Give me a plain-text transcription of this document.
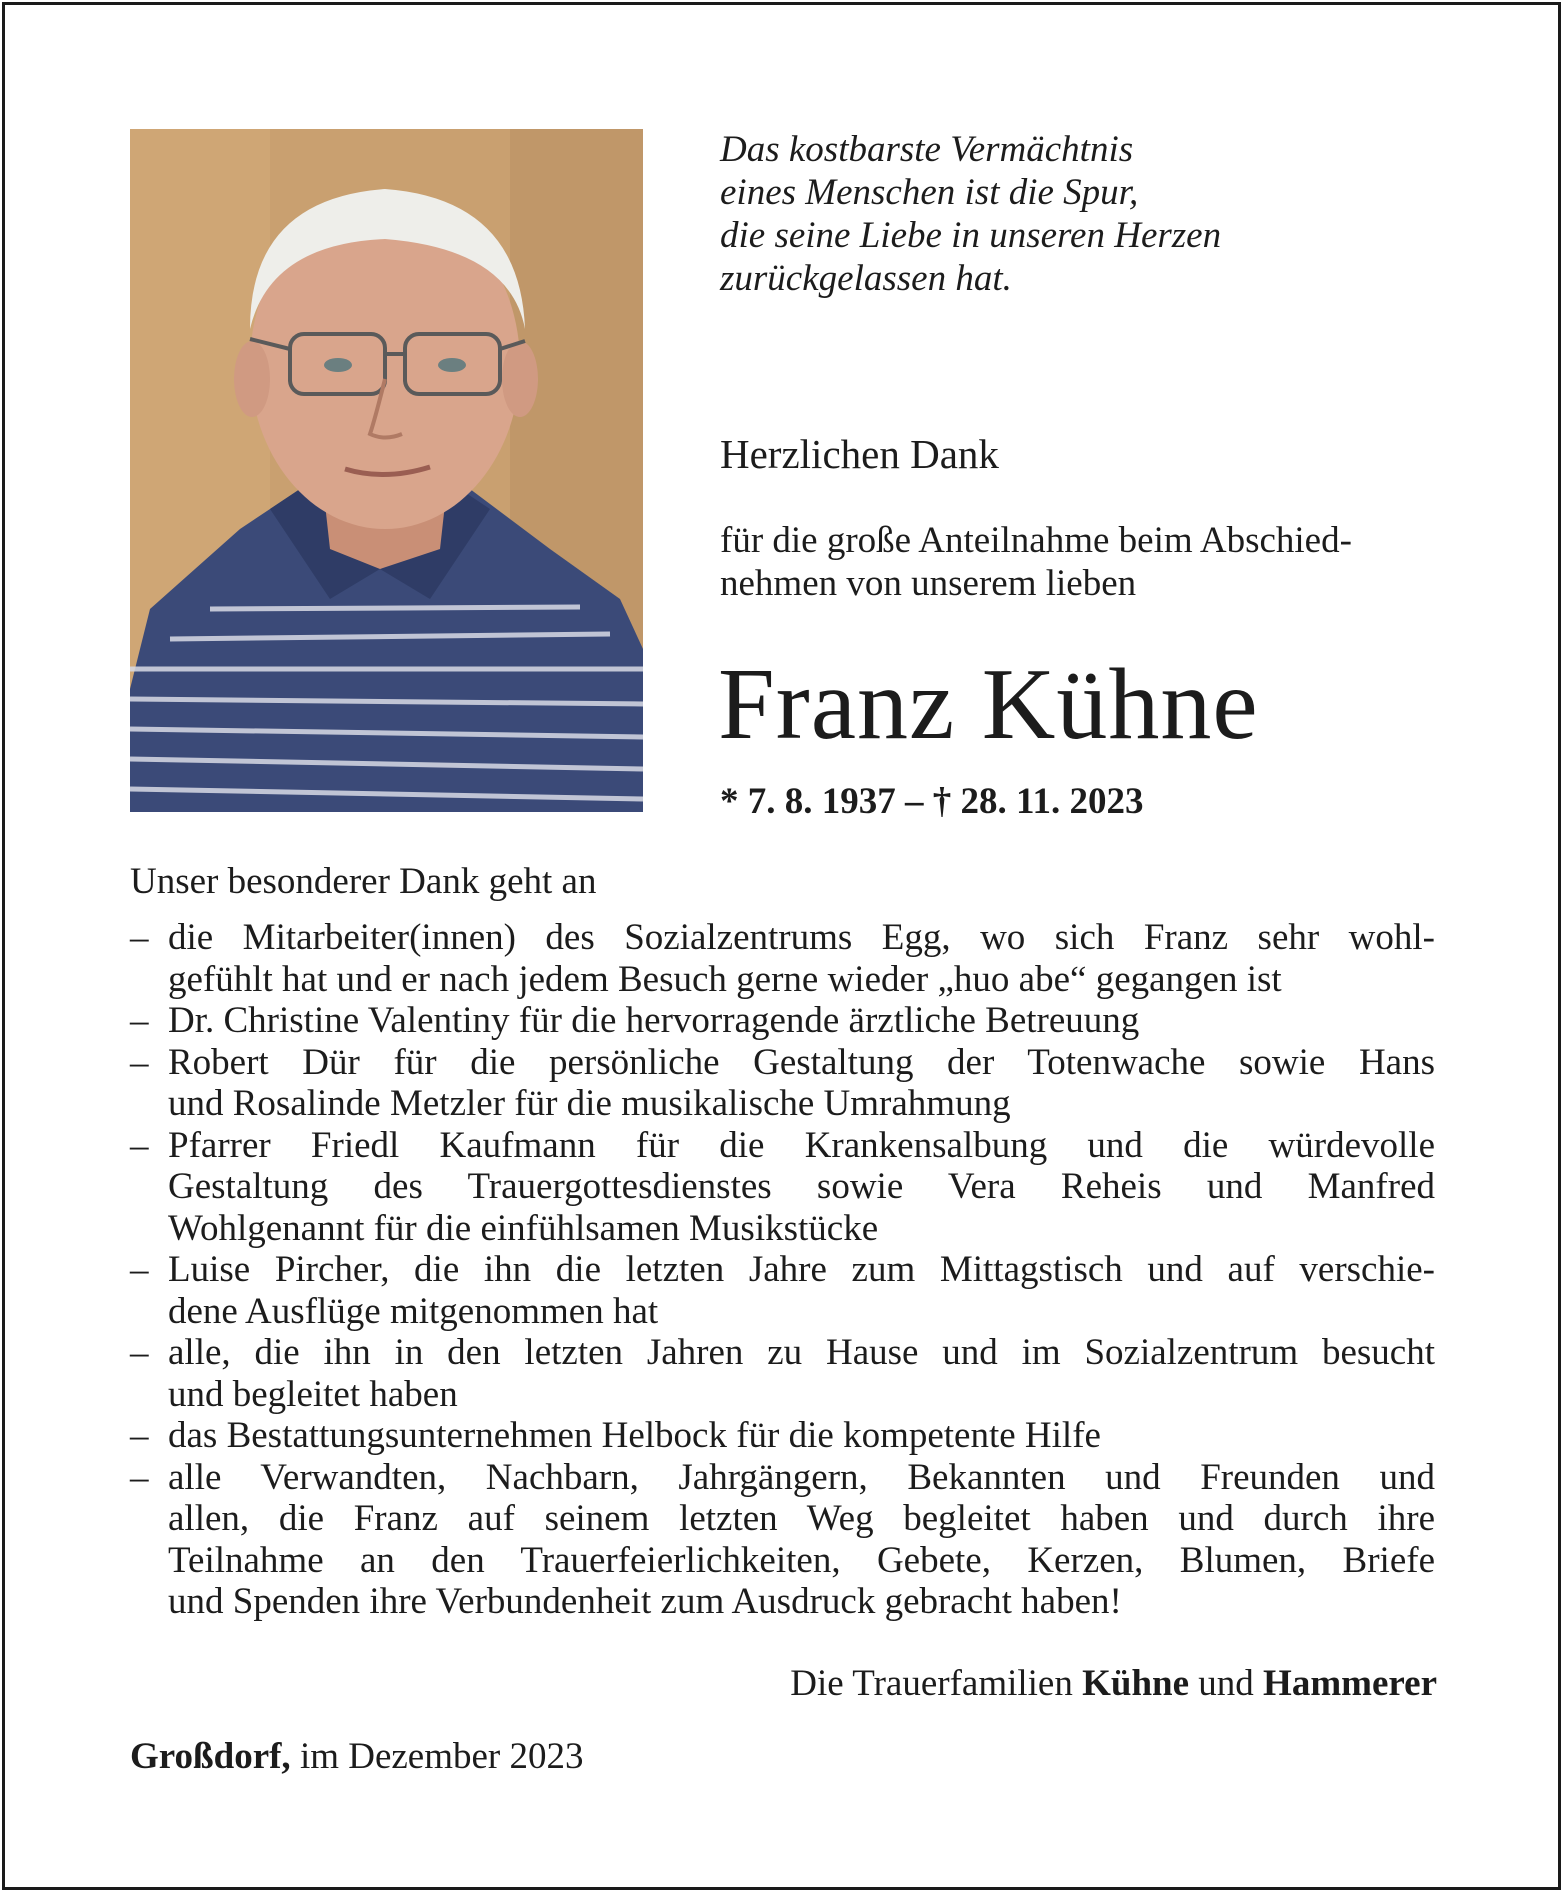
Das kostbarste Vermächtnis
eines Menschen ist die Spur,
die seine Liebe in unseren Herzen
zurückgelassen hat.
Herzlichen Dank
für die große Anteilnahme beim Abschied-
nehmen von unserem lieben
Franz Kühne
* 7. 8. 1937 – † 28. 11. 2023
Unser besonderer Dank geht an
– die Mitarbeiter(innen) des Sozialzentrums Egg, wo sich Franz sehr wohl-
gefühlt hat und er nach jedem Besuch gerne wieder „huo abe“ gegangen ist
– Dr. Christine Valentiny für die hervorragende ärztliche Betreuung
– Robert Dür für die persönliche Gestaltung der Totenwache sowie Hans
und Rosalinde Metzler für die musikalische Umrahmung
– Pfarrer Friedl Kaufmann für die Krankensalbung und die würdevolle
Gestaltung des Trauergottesdienstes sowie Vera Reheis und Manfred
Wohlgenannt für die einfühlsamen Musikstücke
– Luise Pircher, die ihn die letzten Jahre zum Mittagstisch und auf verschie-
dene Ausflüge mitgenommen hat
– alle, die ihn in den letzten Jahren zu Hause und im Sozialzentrum besucht
und begleitet haben
– das Bestattungsunternehmen Helbock für die kompetente Hilfe
– alle Verwandten, Nachbarn, Jahrgängern, Bekannten und Freunden und
allen, die Franz auf seinem letzten Weg begleitet haben und durch ihre
Teilnahme an den Trauerfeierlichkeiten, Gebete, Kerzen, Blumen, Briefe
und Spenden ihre Verbundenheit zum Ausdruck gebracht haben!
Die Trauerfamilien Kühne und Hammerer
Großdorf, im Dezember 2023
